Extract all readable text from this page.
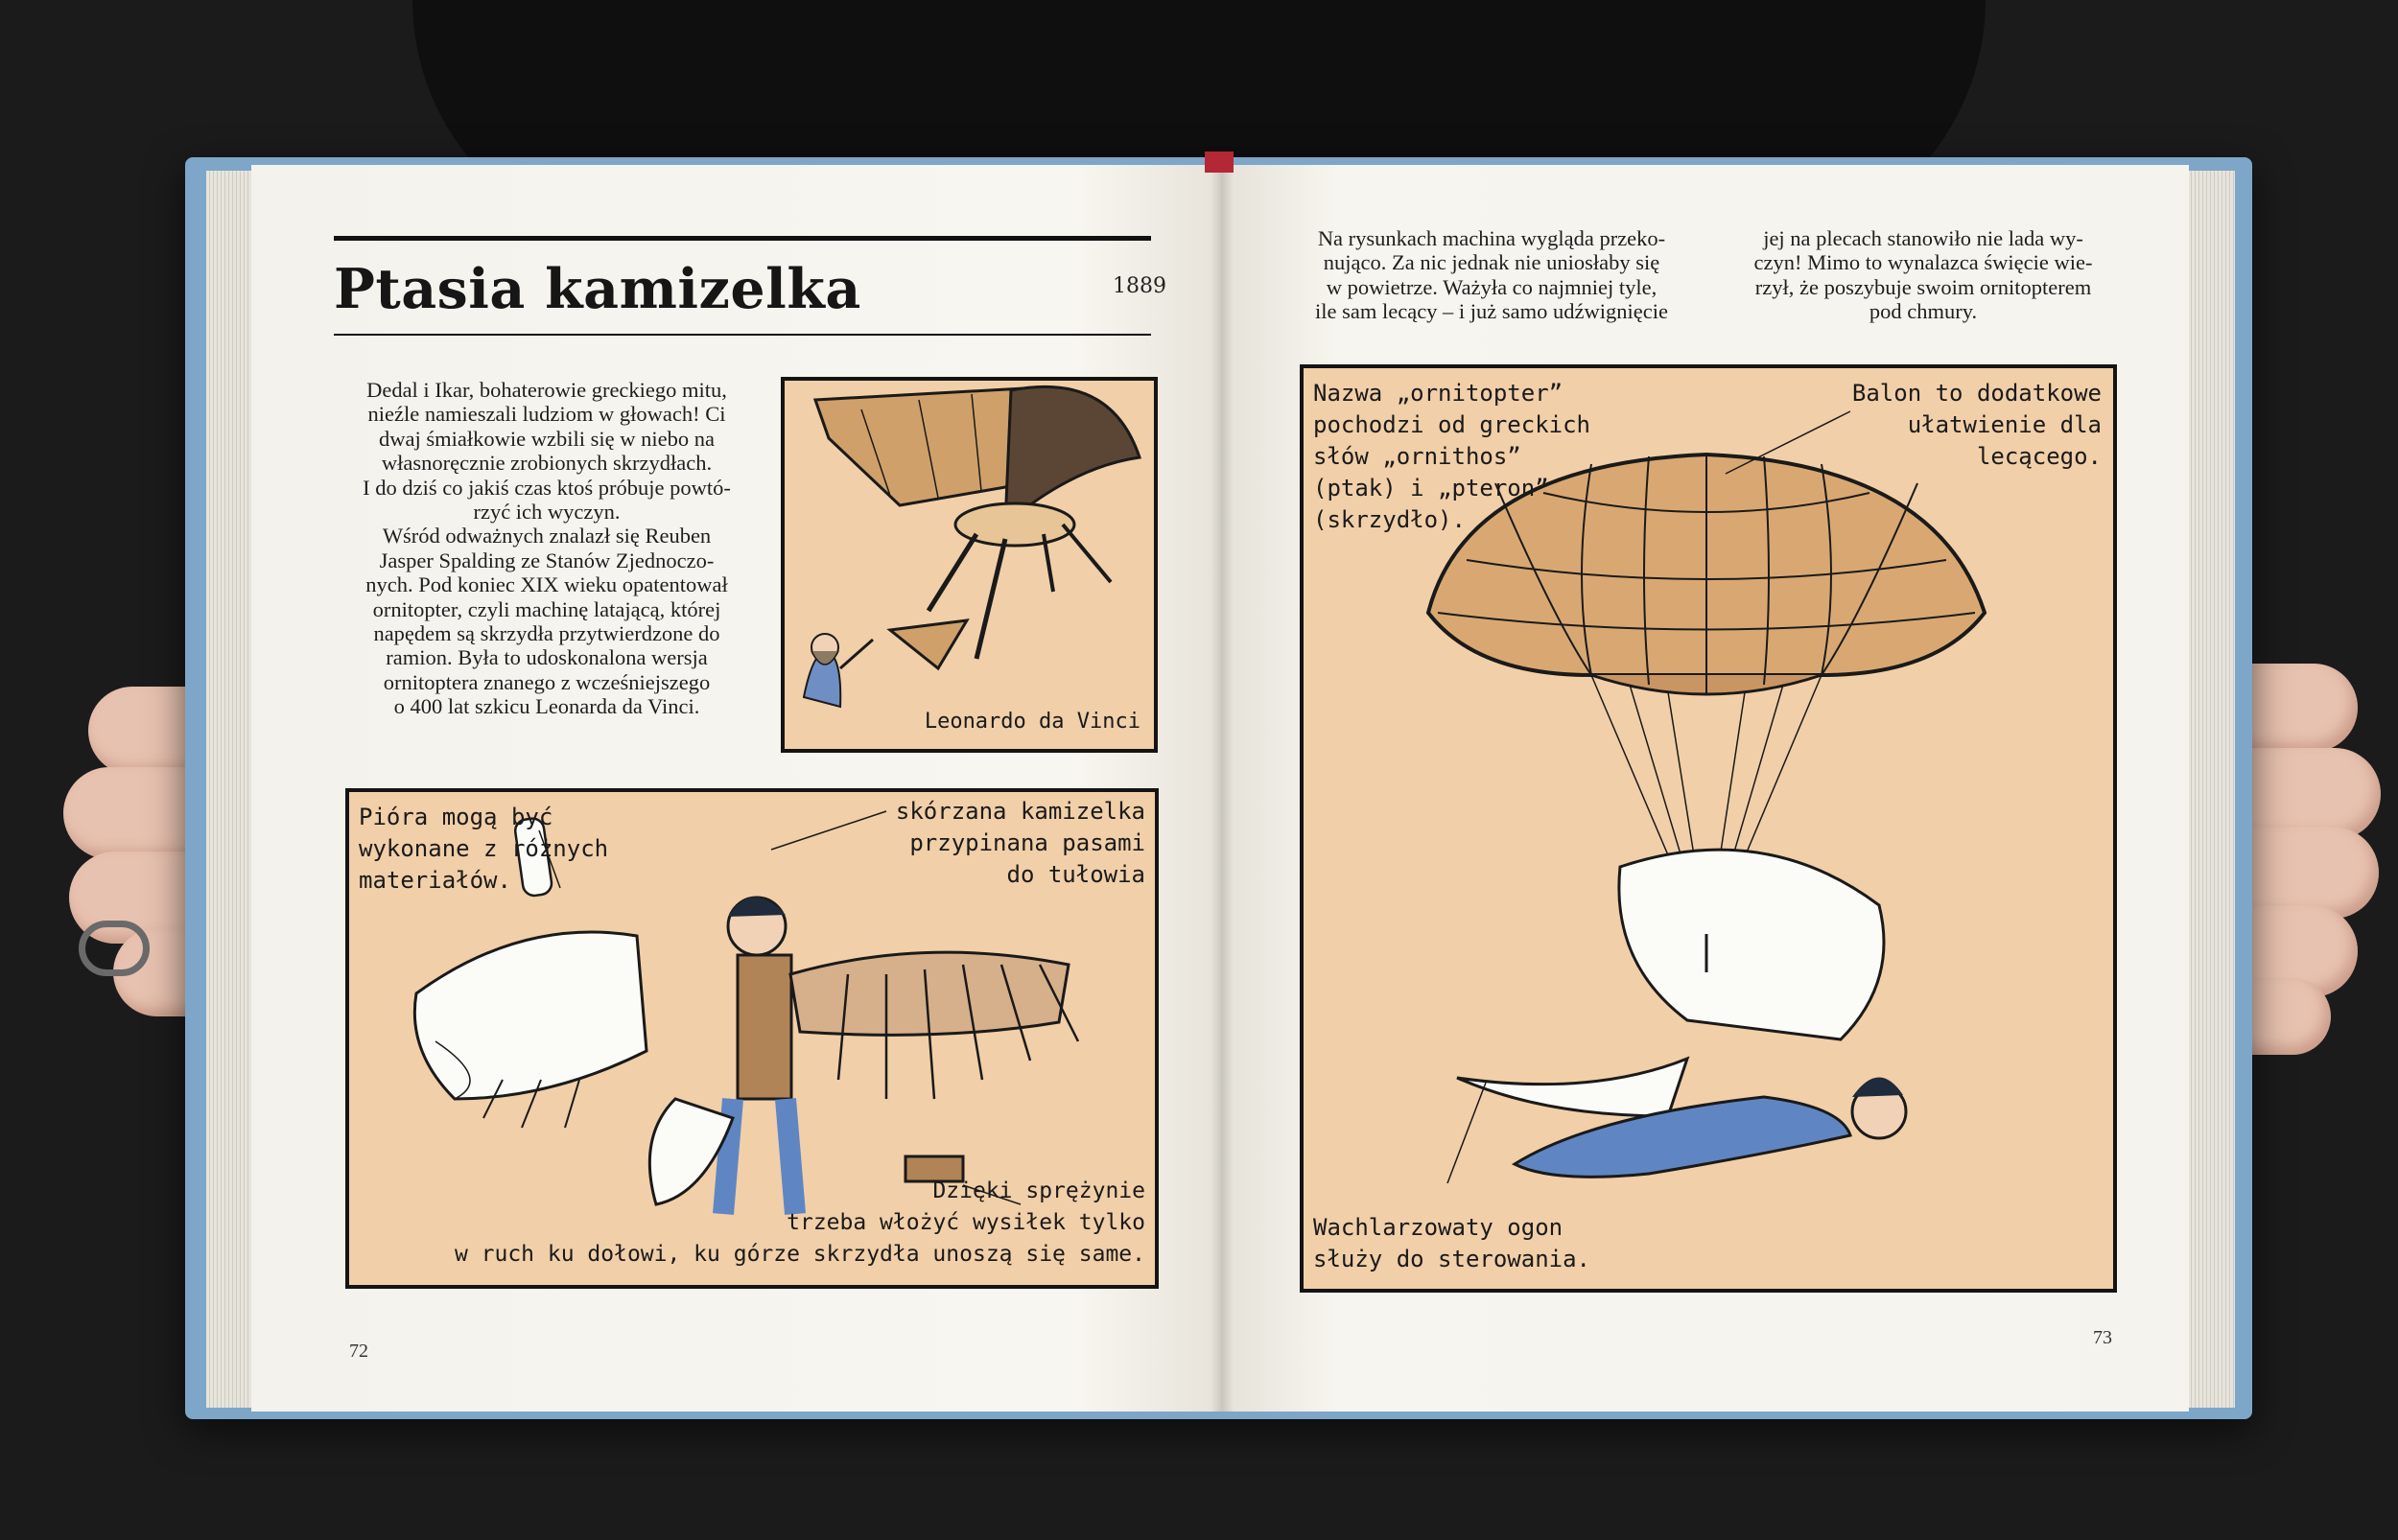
Ptasia kamizelka	1889
Dedal i Ikar, bohaterowie greckiego mitu,
nieźle namieszali ludziom w głowach! Ci
dwaj śmiałkowie wzbili się w niebo na
własnoręcznie zrobionych skrzydłach.
I do dziś co jakiś czas ktoś próbuje powtó-
rzyć ich wyczyn.
Wśród odważnych znalazł się Reuben
Jasper Spalding ze Stanów Zjednoczo-
nych. Pod koniec XIX wieku opatentował
ornitopter, czyli machinę latającą, której
napędem są skrzydła przytwierdzone do
ramion. Była to udoskonalona wersja
ornitoptera znanego z wcześniejszego
o 400 lat szkicu Leonarda da Vinci.
Leonardo da Vinci
Pióra mogą być
wykonane z różnych
materiałów.
skórzana kamizelka
przypinana pasami
do tułowia
Dzięki sprężynie
trzeba włożyć wysiłek tylko
w ruch ku dołowi, ku górze skrzydła unoszą się same.
72
Na rysunkach machina wygląda przeko-
nująco. Za nic jednak nie uniosłaby się
w powietrze. Ważyła co najmniej tyle,
ile sam lecący – i już samo udźwignięcie
jej na plecach stanowiło nie lada wy-
czyn! Mimo to wynalazca święcie wie-
rzył, że poszybuje swoim ornitopterem
pod chmury.
Nazwa „ornitopter”
pochodzi od greckich
słów „ornithos”
(ptak) i „pteron”
(skrzydło).
Balon to dodatkowe
ułatwienie dla
lecącego.
Wachlarzowaty ogon
służy do sterowania.
73
